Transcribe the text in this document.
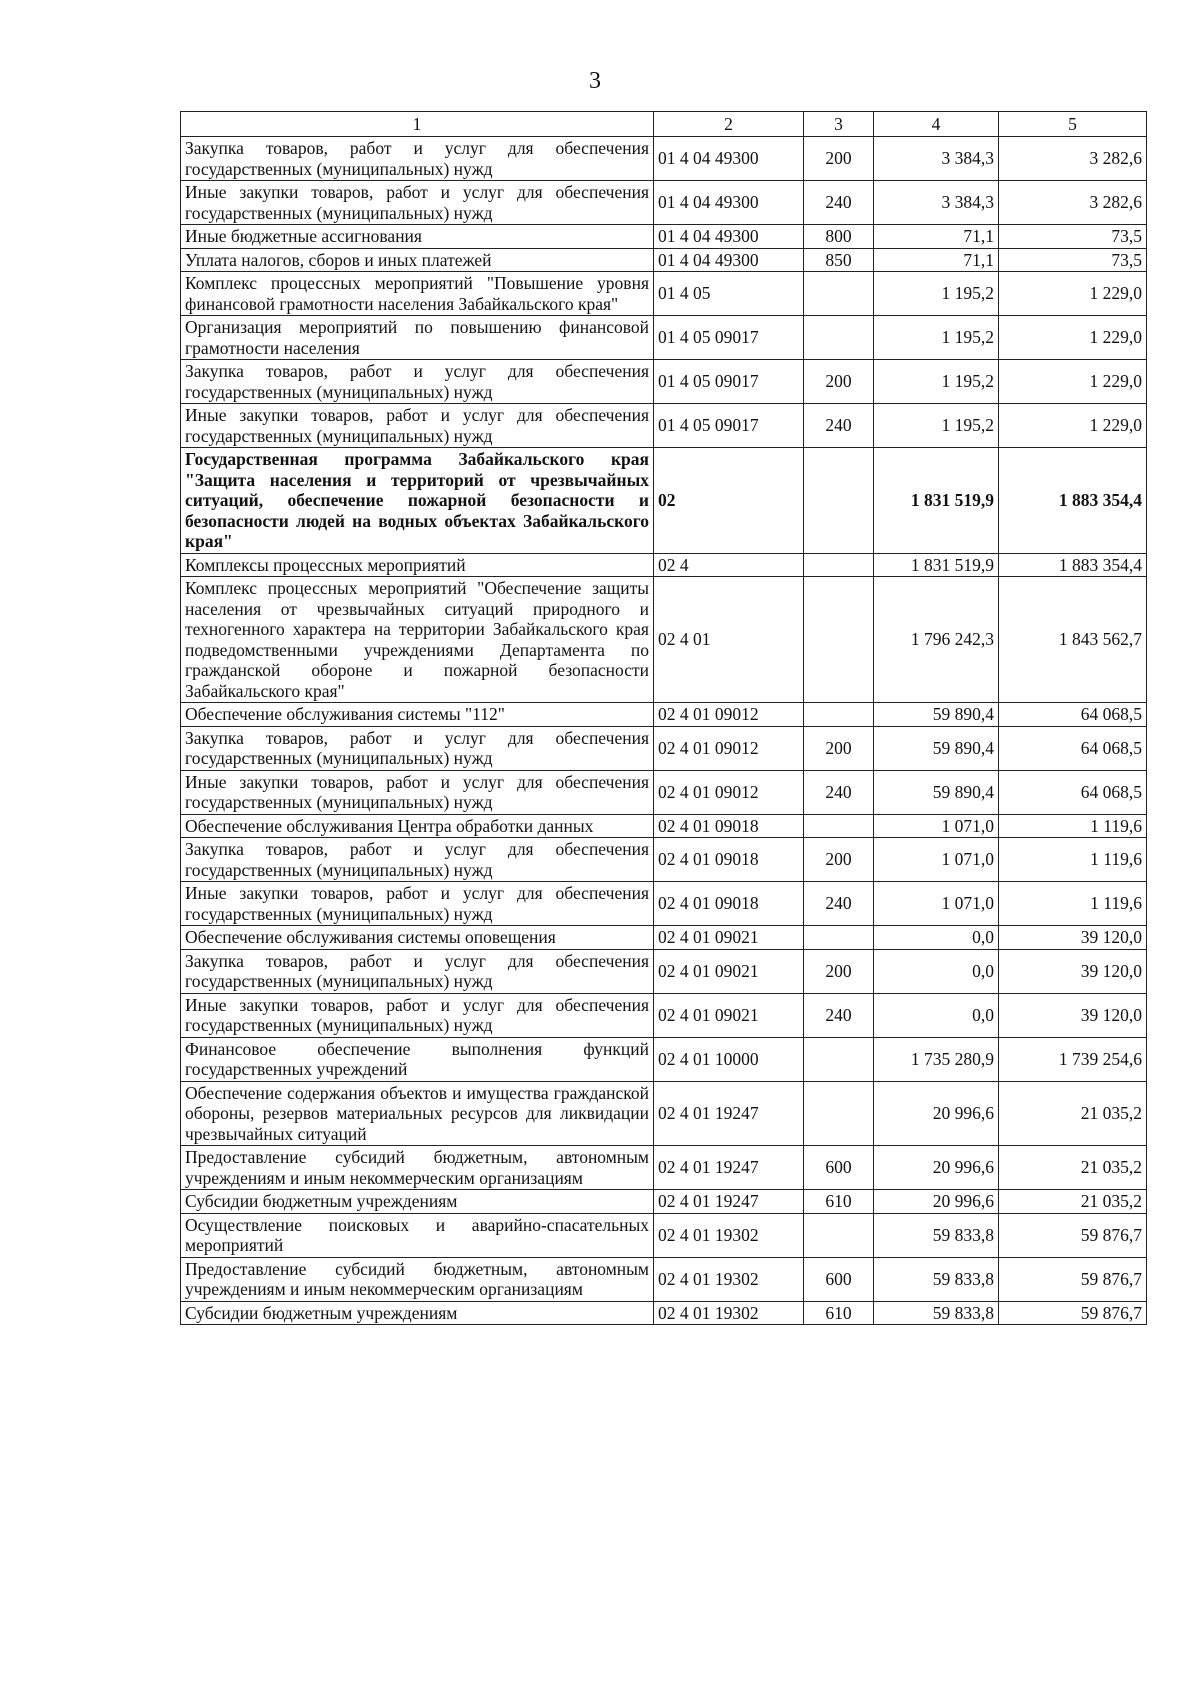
3
1	2	3	4	5
Закупка товаров, работ и услуг для обеспечения государственных (муниципальных) нужд	01 4 04 49300	200	3 384,3	3 282,6
Иные закупки товаров, работ и услуг для обеспечения государственных (муниципальных) нужд	01 4 04 49300	240	3 384,3	3 282,6
Иные бюджетные ассигнования	01 4 04 49300	800	71,1	73,5
Уплата налогов, сборов и иных платежей	01 4 04 49300	850	71,1	73,5
Комплекс процессных мероприятий "Повышение уровня финансовой грамотности населения Забайкальского края"	01 4 05		1 195,2	1 229,0
Организация мероприятий по повышению финансовой грамотности населения	01 4 05 09017		1 195,2	1 229,0
Закупка товаров, работ и услуг для обеспечения государственных (муниципальных) нужд	01 4 05 09017	200	1 195,2	1 229,0
Иные закупки товаров, работ и услуг для обеспечения государственных (муниципальных) нужд	01 4 05 09017	240	1 195,2	1 229,0
Государственная программа Забайкальского края "Защита населения и территорий от чрезвычайных ситуаций, обеспечение пожарной безопасности и безопасности людей на водных объектах Забайкальского края"	02		1 831 519,9	1 883 354,4
Комплексы процессных мероприятий	02 4		1 831 519,9	1 883 354,4
Комплекс процессных мероприятий "Обеспечение защиты населения от чрезвычайных ситуаций природного и техногенного характера на территории Забайкальского края подведомственными учреждениями Департамента по гражданской обороне и пожарной безопасности Забайкальского края"	02 4 01		1 796 242,3	1 843 562,7
Обеспечение обслуживания системы "112"	02 4 01 09012		59 890,4	64 068,5
Закупка товаров, работ и услуг для обеспечения государственных (муниципальных) нужд	02 4 01 09012	200	59 890,4	64 068,5
Иные закупки товаров, работ и услуг для обеспечения государственных (муниципальных) нужд	02 4 01 09012	240	59 890,4	64 068,5
Обеспечение обслуживания Центра обработки данных	02 4 01 09018		1 071,0	1 119,6
Закупка товаров, работ и услуг для обеспечения государственных (муниципальных) нужд	02 4 01 09018	200	1 071,0	1 119,6
Иные закупки товаров, работ и услуг для обеспечения государственных (муниципальных) нужд	02 4 01 09018	240	1 071,0	1 119,6
Обеспечение обслуживания системы оповещения	02 4 01 09021		0,0	39 120,0
Закупка товаров, работ и услуг для обеспечения государственных (муниципальных) нужд	02 4 01 09021	200	0,0	39 120,0
Иные закупки товаров, работ и услуг для обеспечения государственных (муниципальных) нужд	02 4 01 09021	240	0,0	39 120,0
Финансовое обеспечение выполнения функций государственных учреждений	02 4 01 10000		1 735 280,9	1 739 254,6
Обеспечение содержания объектов и имущества гражданской обороны, резервов материальных ресурсов для ликвидации чрезвычайных ситуаций	02 4 01 19247		20 996,6	21 035,2
Предоставление субсидий бюджетным, автономным учреждениям и иным некоммерческим организациям	02 4 01 19247	600	20 996,6	21 035,2
Субсидии бюджетным учреждениям	02 4 01 19247	610	20 996,6	21 035,2
Осуществление поисковых и аварийно-спасательных мероприятий	02 4 01 19302		59 833,8	59 876,7
Предоставление субсидий бюджетным, автономным учреждениям и иным некоммерческим организациям	02 4 01 19302	600	59 833,8	59 876,7
Субсидии бюджетным учреждениям	02 4 01 19302	610	59 833,8	59 876,7
